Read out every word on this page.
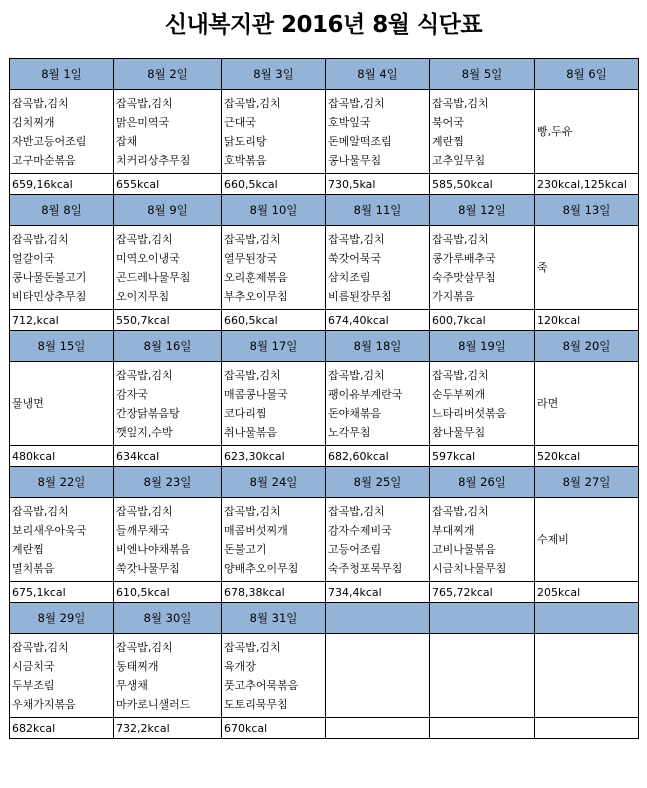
신내복지관 2016년 8월 식단표
8월 1일	8월 2일	8월 3일	8월 4일	8월 5일	8월 6일

잡곡밥,김치
김치찌개
자반고등어조림
고구마순볶음	잡곡밥,김치
맑은미역국
잡채
치커리상추무침	잡곡밥,김치
근대국
닭도리탕
호박볶음	잡곡밥,김치
호박잎국
돈메알떡조림
콩나물무침	잡곡밥,김치
북어국
계란찜
고추잎무침	빵,두유

659,16kcal	655kcal	660,5kcal	730,5kal	585,50kcal	230kcal,125kcal
8월 8일	8월 9일	8월 10일	8월 11일	8월 12일	8월 13일

잡곡밥,김치
얼갈이국
콩나물돈불고기
비타민상추무침	잡곡밥,김치
미역오이냉국
곤드레나물무침
오이지무침	잡곡밥,김치
열무된장국
오리훈제볶음
부추오이무침	잡곡밥,김치
쑥갓어묵국
삼치조림
비름된장무침	잡곡밥,김치
콩가루배추국
숙주맛살무침
가지볶음	죽

712,kcal	550,7kcal	660,5kcal	674,40kcal	600,7kcal	120kcal
8월 15일	8월 16일	8월 17일	8월 18일	8월 19일	8월 20일

물냉면	잡곡밥,김치
감자국
간장닭볶음탕
깻잎지,수박	잡곡밥,김치
매콤콩나물국
코다리찜
취나물볶음	잡곡밥,김치
팽이유부계란국
돈야채볶음
노각무침	잡곡밥,김치
순두부찌개
느타리버섯볶음
참나물무침	라면

480kcal	634kcal	623,30kcal	682,60kcal	597kcal	520kcal
8월 22일	8월 23일	8월 24일	8월 25일	8월 26일	8월 27일

잡곡밥,김치
보리새우아욱국
계란찜
멸치볶음	잡곡밥,김치
들깨무채국
비엔나야채볶음
쑥갓나물무침	잡곡밥,김치
매콤버섯찌개
돈불고기
양배추오이무침	잡곡밥,김치
감자수제비국
고등어조림
숙주청포묵무침	잡곡밥,김치
부대찌개
고비나물볶음
시금치나물무침	수제비

675,1kcal	610,5kcal	678,38kcal	734,4kcal	765,72kcal	205kcal
8월 29일	8월 30일	8월 31일			

잡곡밥,김치
시금치국
두부조림
우채가지볶음	잡곡밥,김치
동태찌개
무생채
마카로니샐러드	잡곡밥,김치
육개장
풋고추어묵볶음
도토리묵무침			

682kcal	732,2kcal	670kcal			
